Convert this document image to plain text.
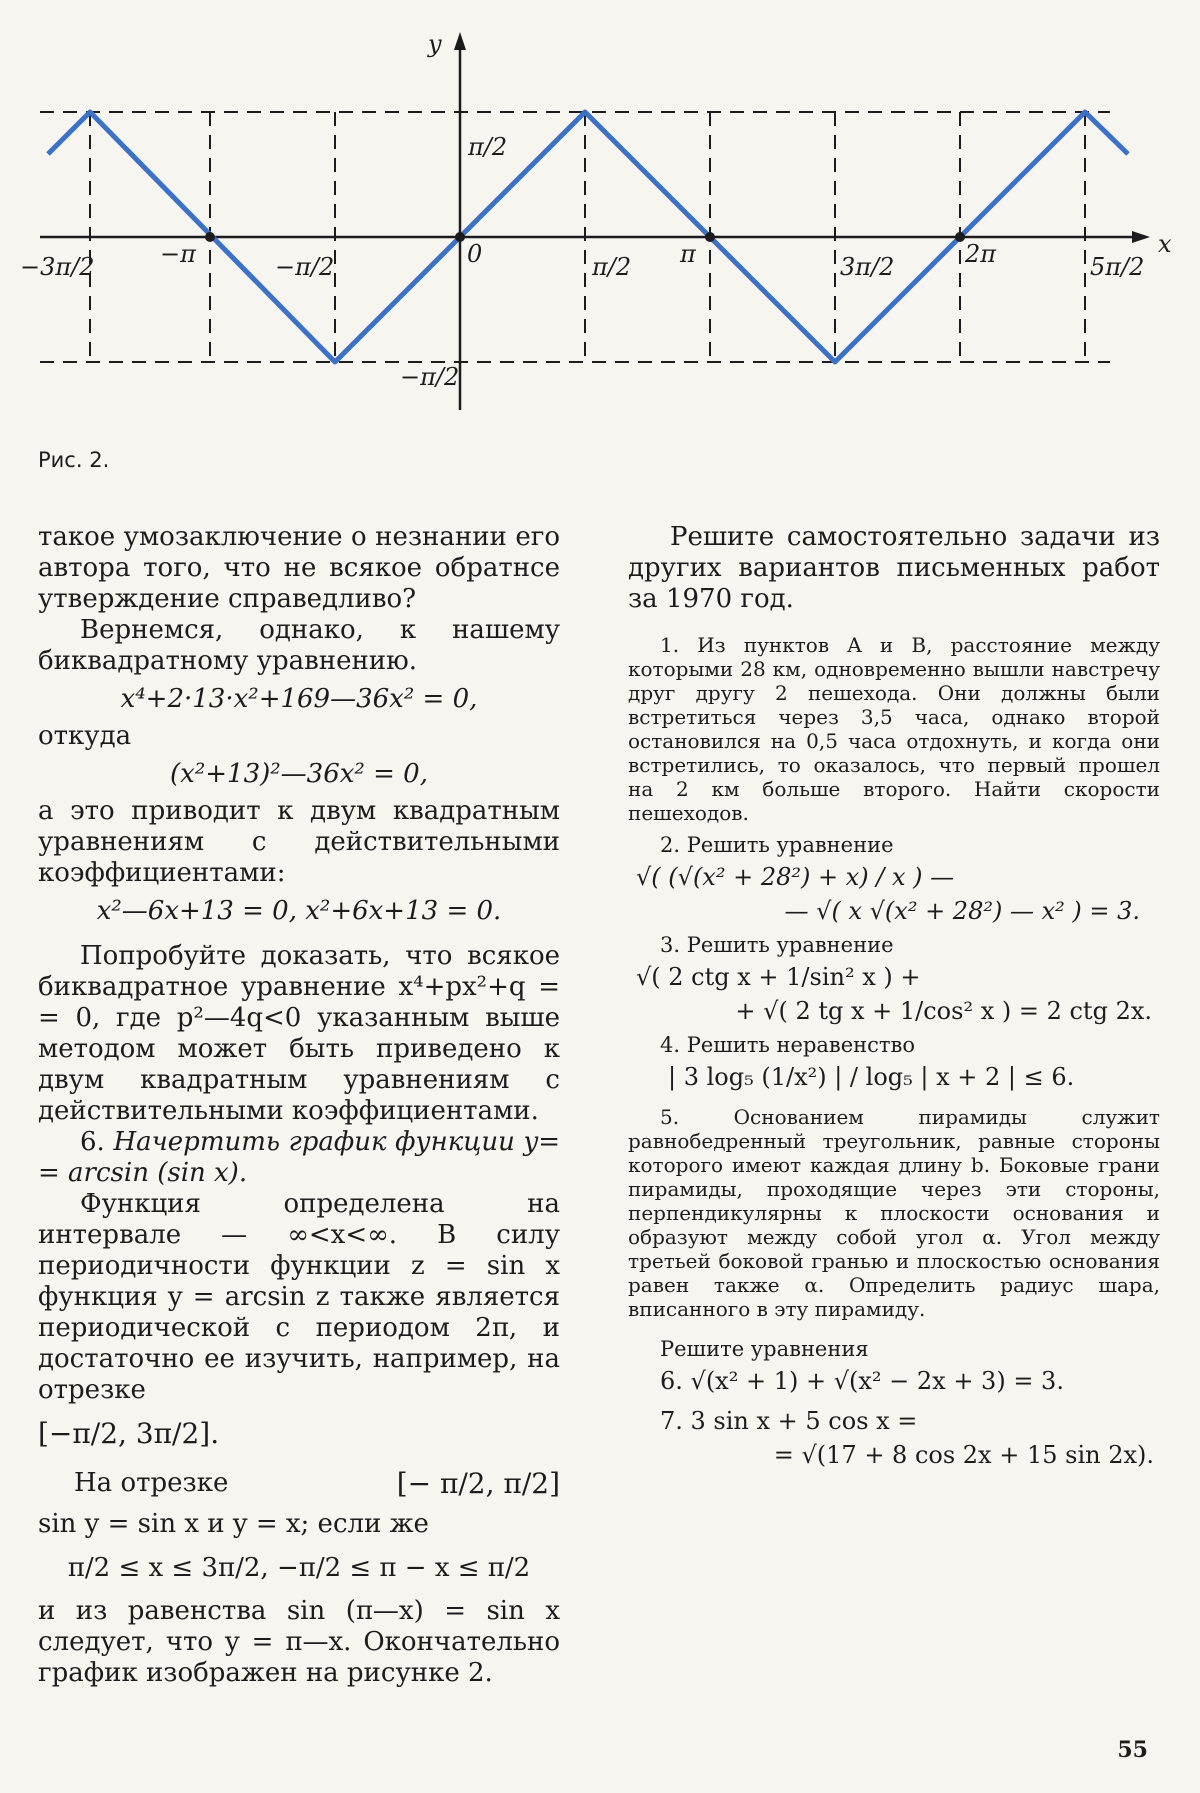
y
x
−3π/2	−π	−π/2	0	π/2 π	3π/2	2π	5π/2
π/2
−π/2
Рис. 2.

такое умозаключение о незнании его автора того, что не всякое обратнсе утверждение справедливо?

Вернемся, однако, к нашему биквадратному уравнению.

x⁴+2·13·x²+169—36x² = 0,

откуда

(x²+13)²—36x² = 0,

а это приводит к двум квадратным уравнениям с действительными коэффициентами:

x²—6x+13 = 0, x²+6x+13 = 0.

Попробуйте доказать, что всякое биквадратное уравнение x⁴+px²+q = = 0, где p²—4q<0 указанным выше методом может быть приведено к двум квадратным уравнениям с действительными коэффициентами.

6. Начертить график функции y= = arcsin (sin x).

Функция определена на интервале — ∞<x<∞. В силу периодичности функции z = sin x функция y = arcsin z также является периодической с периодом 2π, и достаточно ее изучить, например, на отрезке

[−π/2, 3π/2].

На отрезке	[− π/2, π/2]

sin y = sin x и y = x; если же

π/2 ≤ x ≤ 3π/2, −π/2 ≤ π − x ≤ π/2

и из равенства sin (π—x) = sin x следует, что y = π—x. Окончательно график изображен на рисунке 2.

Решите самостоятельно задачи из других вариантов письменных работ за 1970 год.

1. Из пунктов A и B, расстояние между которыми 28 км, одновременно вышли навстречу друг другу 2 пешехода. Они должны были встретиться через 3,5 часа, однако второй остановился на 0,5 часа отдохнуть, и когда они встретились, то оказалось, что первый прошел на 2 км больше второго. Найти скорости пешеходов.

2. Решить уравнение
√( (√(x² + 28²) + x) / x ) —
— √( x √(x² + 28²) — x² ) = 3.
3. Решить уравнение
√( 2 ctg x + 1/sin² x ) +
+ √( 2 tg x + 1/cos² x ) = 2 ctg 2x.
4. Решить неравенство
| 3 log₅ (1/x²) | / log₅ | x + 2 | ≤ 6.

5. Основанием пирамиды служит равнобедренный треугольник, равные стороны которого имеют каждая длину b. Боковые грани пирамиды, проходящие через эти стороны, перпендикулярны к плоскости основания и образуют между собой угол α. Угол между третьей боковой гранью и плоскостью основания равен также α. Определить радиус шара, вписанного в эту пирамиду.

Решите уравнения
6. √(x² + 1) + √(x² − 2x + 3) = 3.
7. 3 sin x + 5 cos x =
= √(17 + 8 cos 2x + 15 sin 2x).
55
